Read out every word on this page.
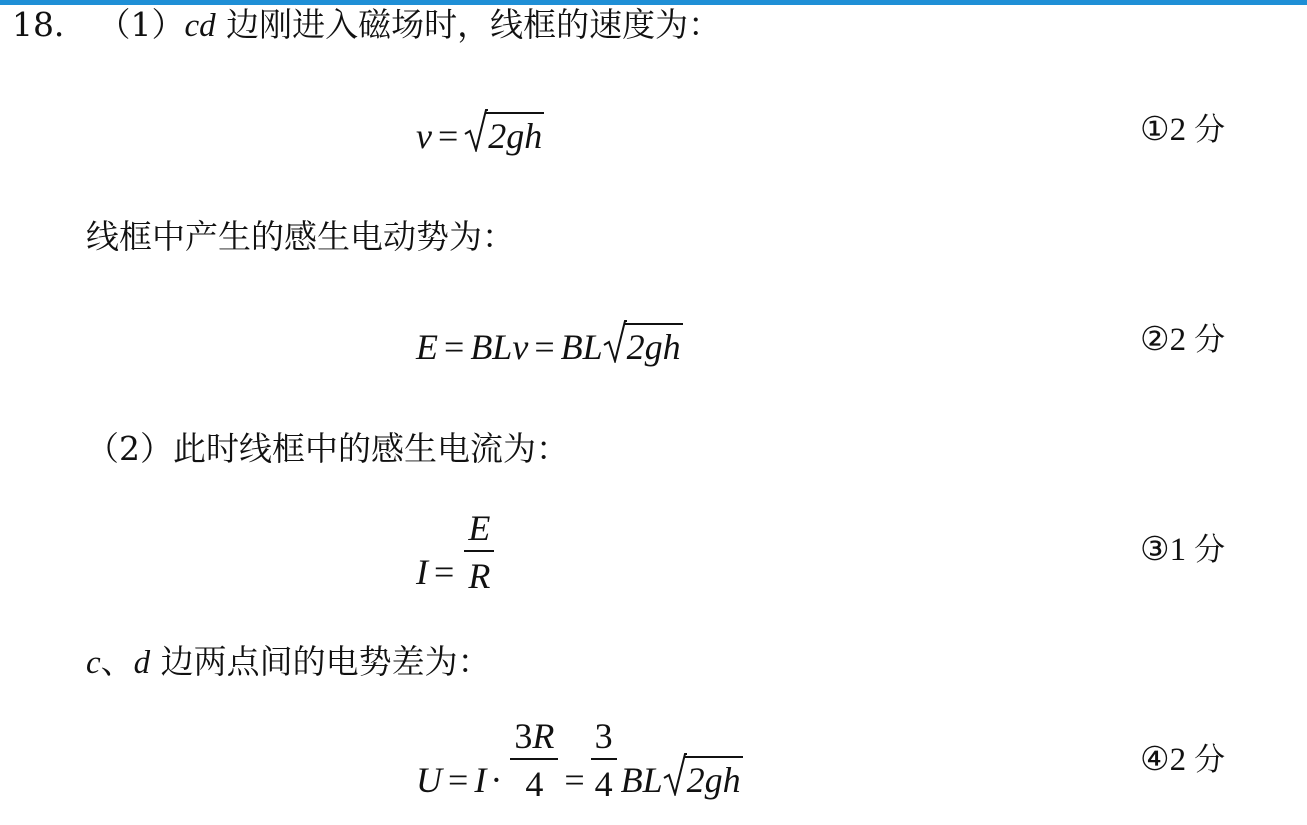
18． （1）cd 边刚进入磁场时，线框的速度为：
v = 2gh	①2 分
线框中产生的感生电动势为：
E = BLv = BL 2gh	②2 分
（2）此时线框中的感生电流为：
$I = \frac{E}{R}$	③1 分
c、d 边两点间的电势差为：
$U = I \cdot \frac{3R}{4} = \frac{3}{4}$ BL 2gh
④2 分
